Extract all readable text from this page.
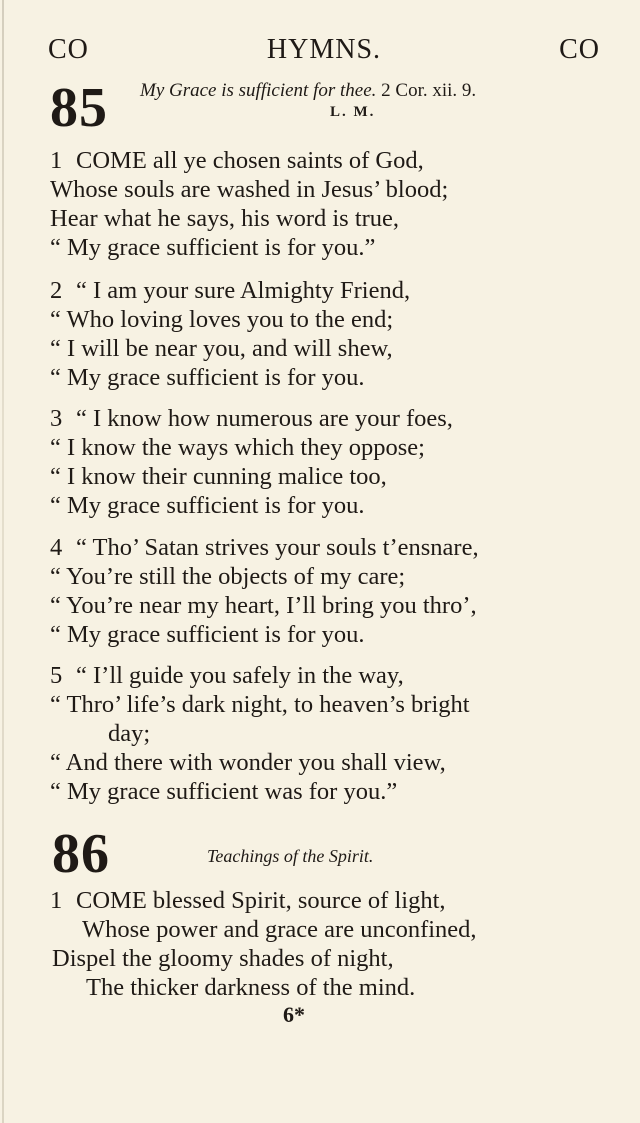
CO	HYMNS.	CO
85 My Grace is sufficient for thee. 2 Cor. xii. 9.
L. M.
1 COME all ye chosen saints of God,
Whose souls are washed in Jesus’ blood;
Hear what he says, his word is true,
“ My grace sufficient is for you.”
2 “ I am your sure Almighty Friend,
“ Who loving loves you to the end;
“ I will be near you, and will shew,
“ My grace sufficient is for you.
3 “ I know how numerous are your foes,
“ I know the ways which they oppose;
“ I know their cunning malice too,
“ My grace sufficient is for you.
4 “ Tho’ Satan strives your souls t’ensnare,
“ You’re still the objects of my care;
“ You’re near my heart, I’ll bring you thro’,
“ My grace sufficient is for you.
5 “ I’ll guide you safely in the way,
“ Thro’ life’s dark night, to heaven’s bright
day;
“ And there with wonder you shall view,
“ My grace sufficient was for you.”
86	Teachings of the Spirit.
1 COME blessed Spirit, source of light,
Whose power and grace are unconfined,
Dispel the gloomy shades of night,
The thicker darkness of the mind.
6*
